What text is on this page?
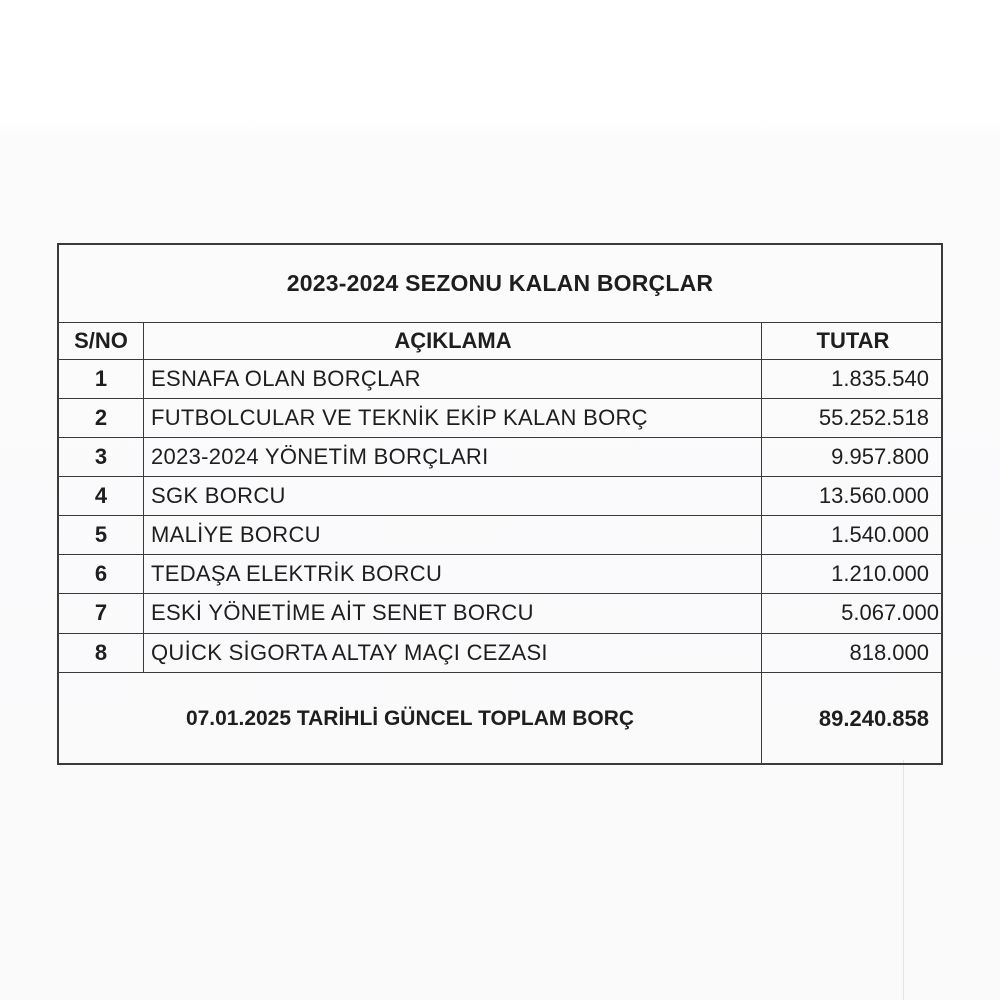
2023-2024 SEZONU KALAN BORÇLAR
S/NO	AÇIKLAMA	TUTAR
1	ESNAFA OLAN BORÇLAR	1.835.540
2	FUTBOLCULAR VE TEKNİK EKİP KALAN BORÇ	55.252.518
3	2023-2024 YÖNETİM BORÇLARI	9.957.800
4	SGK BORCU	13.560.000
5	MALİYE BORCU	1.540.000
6	TEDAŞA ELEKTRİK BORCU	1.210.000
7	ESKİ YÖNETİME AİT SENET BORCU	5.067.000
8	QUİCK SİGORTA ALTAY MAÇI CEZASI	818.000
07.01.2025 TARİHLİ GÜNCEL TOPLAM BORÇ	89.240.858
